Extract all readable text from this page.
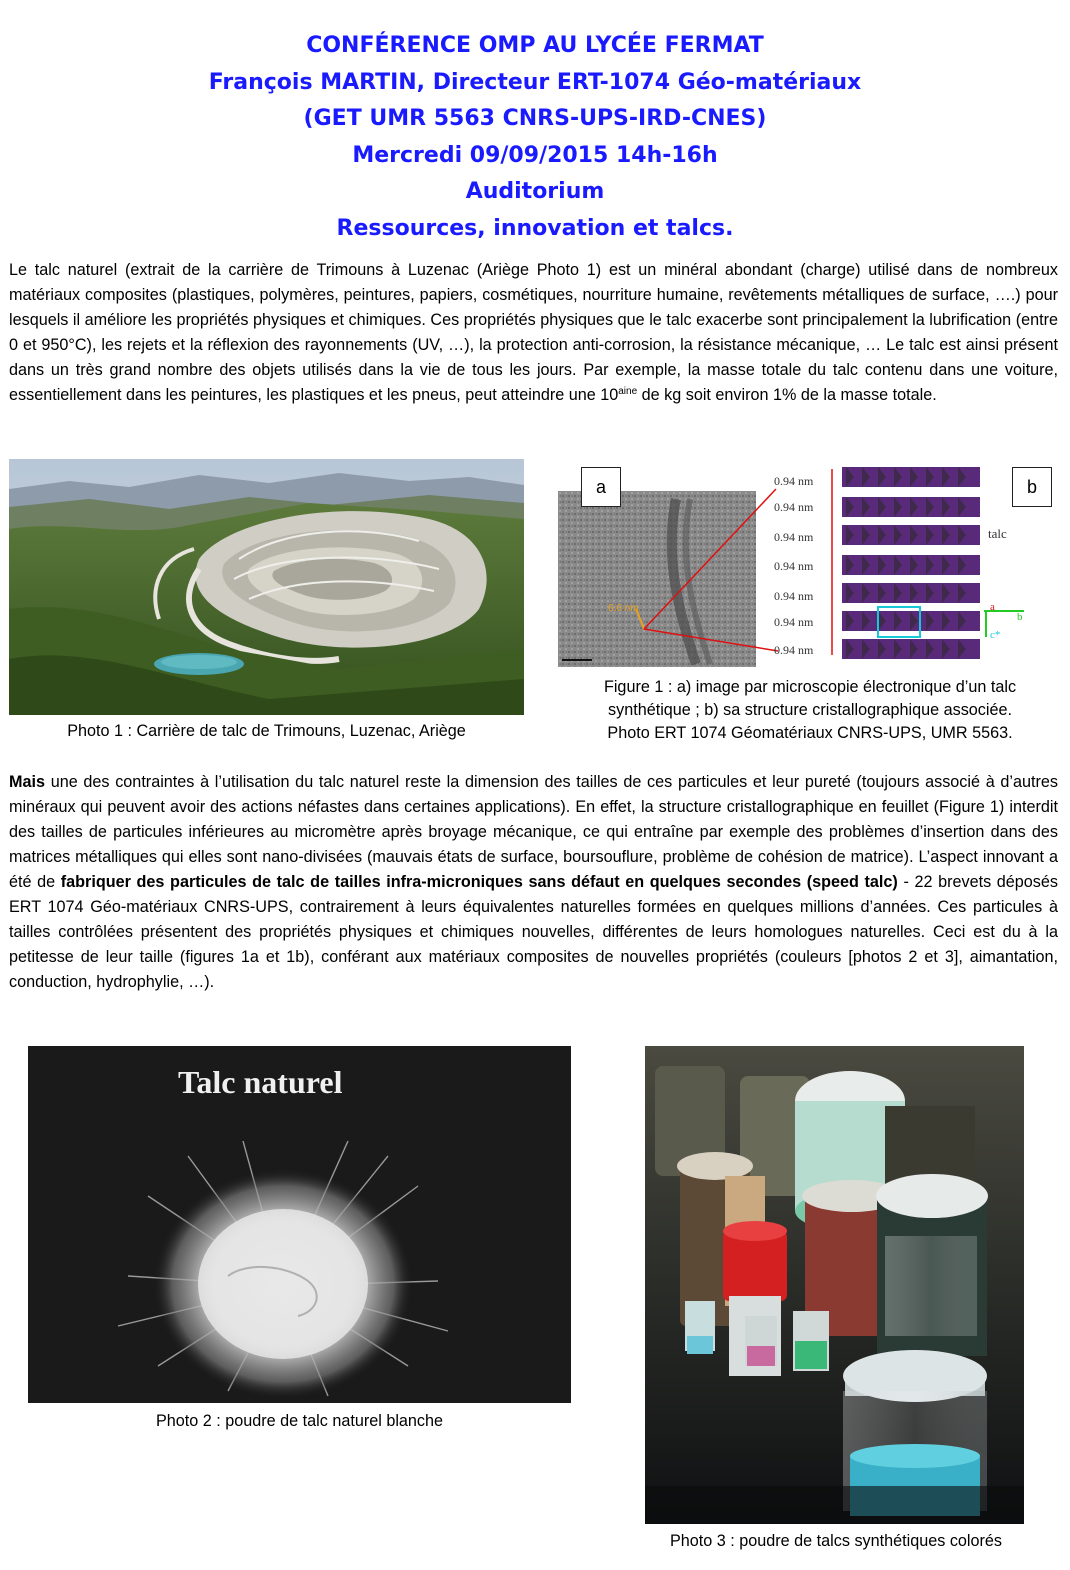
CONFÉRENCE OMP AU LYCÉE FERMAT
François MARTIN, Directeur ERT-1074 Géo-matériaux
(GET UMR 5563 CNRS-UPS-IRD-CNES)
Mercredi 09/09/2015 14h-16h
Auditorium
Ressources, innovation et talcs.
Le talc naturel (extrait de la carrière de Trimouns à Luzenac (Ariège Photo 1) est un minéral abondant (charge) utilisé dans de nombreux matériaux composites (plastiques, polymères, peintures, papiers, cosmétiques, nourriture humaine, revêtements métalliques de surface, ….) pour lesquels il améliore les propriétés physiques et chimiques. Ces propriétés physiques que le talc exacerbe sont principalement la lubrification (entre 0 et 950°C), les rejets et la réflexion des rayonnements (UV, …), la protection anti-corrosion, la résistance mécanique, … Le talc est ainsi présent dans un très grand nombre des objets utilisés dans la vie de tous les jours. Par exemple, la masse totale du talc contenu dans une voiture, essentiellement dans les peintures, les plastiques et les pneus, peut atteindre une $10^{aine}$ de kg soit environ 1% de la masse totale.
Photo 1 : Carrière de talc de Trimouns, Luzenac, Ariège
a	b
6.6 nm
0.94 nm
0.94 nm
0.94 nm
0.94 nm
0.94 nm
0.94 nm
0.94 nm
talc
a
b
c*
Figure 1 : a) image par microscopie électronique d’un talc
synthétique ; b) sa structure cristallographique associée.
Photo ERT 1074 Géomatériaux CNRS-UPS, UMR 5563.
Mais une des contraintes à l’utilisation du talc naturel reste la dimension des tailles de ces particules et leur pureté (toujours associé à d’autres minéraux qui peuvent avoir des actions néfastes dans certaines applications). En effet, la structure cristallographique en feuillet (Figure 1) interdit des tailles de particules inférieures au micromètre après broyage mécanique, ce qui entraîne par exemple des problèmes d’insertion dans des matrices métalliques qui elles sont nano-divisées (mauvais états de surface, boursouflure, problème de cohésion de matrice). L’aspect innovant a été de fabriquer des particules de talc de tailles infra-microniques sans défaut en quelques secondes (speed talc) - 22 brevets déposés ERT 1074 Géo-matériaux CNRS-UPS, contrairement à leurs équivalentes naturelles formées en quelques millions d’années. Ces particules à tailles contrôlées présentent des propriétés physiques et chimiques nouvelles, différentes de leurs homologues naturelles. Ceci est du à la petitesse de leur taille (figures 1a et 1b), conférant aux matériaux composites de nouvelles propriétés (couleurs [photos 2 et 3], aimantation, conduction, hydrophylie, …).
Talc naturel
Photo 2 : poudre de talc naturel blanche
Photo 3 : poudre de talcs synthétiques colorés
